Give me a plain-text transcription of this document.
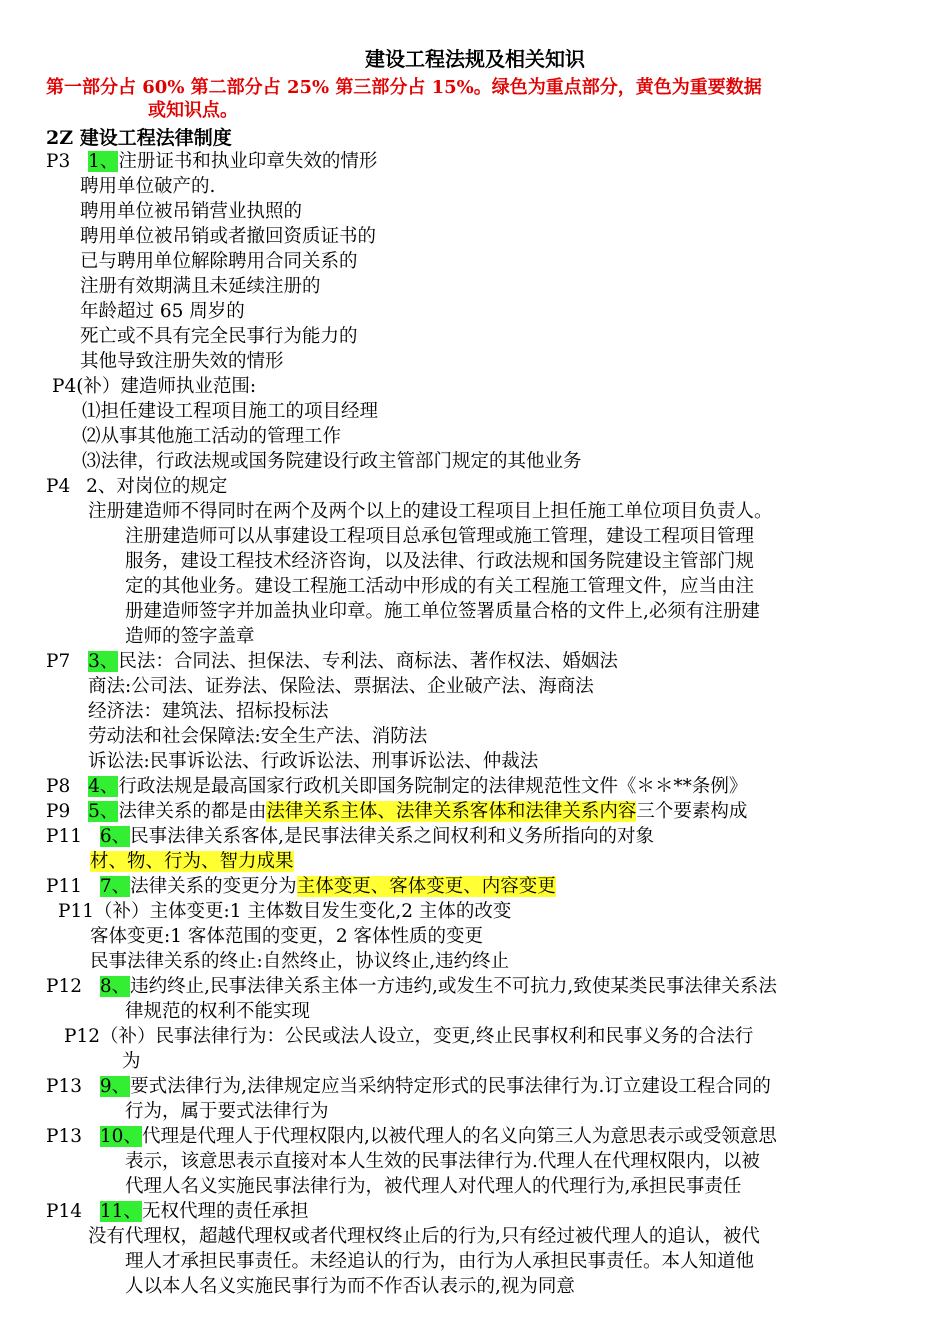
建设工程法规及相关知识
第一部分占 60% 第二部分占 25% 第三部分占 15%。绿色为重点部分，黄色为重要数据
或知识点。
2Z 建设工程法律制度
P3 1、注册证书和执业印章失效的情形
聘用单位破产的.
聘用单位被吊销营业执照的
聘用单位被吊销或者撤回资质证书的
已与聘用单位解除聘用合同关系的
注册有效期满且未延续注册的
年龄超过 65 周岁的
死亡或不具有完全民事行为能力的
其他导致注册失效的情形
P4(补）建造师执业范围:
⑴担任建设工程项目施工的项目经理
⑵从事其他施工活动的管理工作
⑶法律，行政法规或国务院建设行政主管部门规定的其他业务
P4 2、对岗位的规定
注册建造师不得同时在两个及两个以上的建设工程项目上担任施工单位项目负责人。
注册建造师可以从事建设工程项目总承包管理或施工管理，建设工程项目管理
服务，建设工程技术经济咨询，以及法律、行政法规和国务院建设主管部门规
定的其他业务。建设工程施工活动中形成的有关工程施工管理文件，应当由注
册建造师签字并加盖执业印章。施工单位签署质量合格的文件上,必须有注册建
造师的签字盖章
P7 3、民法：合同法、担保法、专利法、商标法、著作权法、婚姻法
商法:公司法、证券法、保险法、票据法、企业破产法、海商法
经济法：建筑法、招标投标法
劳动法和社会保障法:安全生产法、消防法
诉讼法:民事诉讼法、行政诉讼法、刑事诉讼法、仲裁法
P8 4、行政法规是最高国家行政机关即国务院制定的法律规范性文件《＊＊**条例》
P9 5、法律关系的都是由法律关系主体、法律关系客体和法律关系内容三个要素构成
P11 6、民事法律关系客体,是民事法律关系之间权利和义务所指向的对象
材、物、行为、智力成果
P11 7、法律关系的变更分为主体变更、客体变更、内容变更
P11（补）主体变更:1 主体数目发生变化,2 主体的改变
客体变更:1 客体范围的变更，2 客体性质的变更
民事法律关系的终止:自然终止，协议终止,违约终止
P12 8、违约终止,民事法律关系主体一方违约,或发生不可抗力,致使某类民事法律关系法
律规范的权利不能实现
P12（补）民事法律行为：公民或法人设立，变更,终止民事权利和民事义务的合法行
为
P13 9、要式法律行为,法律规定应当采纳特定形式的民事法律行为.订立建设工程合同的
行为，属于要式法律行为
P13 10、代理是代理人于代理权限内,以被代理人的名义向第三人为意思表示或受领意思
表示，该意思表示直接对本人生效的民事法律行为.代理人在代理权限内，以被
代理人名义实施民事法律行为，被代理人对代理人的代理行为,承担民事责任
P14 11、无权代理的责任承担
没有代理权，超越代理权或者代理权终止后的行为,只有经过被代理人的追认，被代
理人才承担民事责任。未经追认的行为，由行为人承担民事责任。本人知道他
人以本人名义实施民事行为而不作否认表示的,视为同意
